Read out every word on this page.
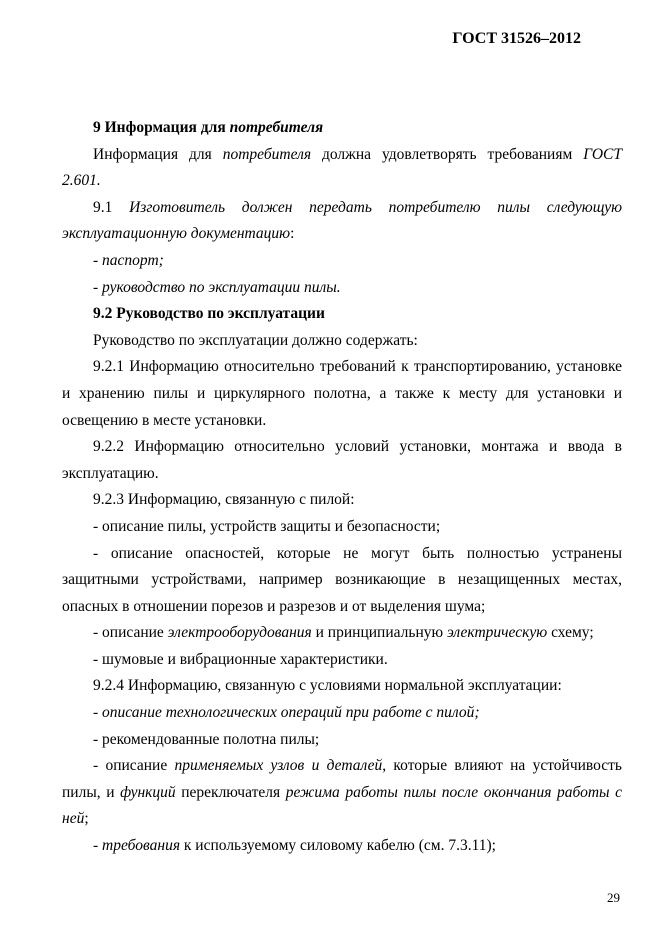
ГОСТ 31526–2012

9 Информация для потребителя

Информация для потребителя должна удовлетворять требованиям ГОСТ 2.601.

9.1 Изготовитель должен передать потребителю пилы следующую эксплуатационную документацию:

- паспорт;

- руководство по эксплуатации пилы.

9.2 Руководство по эксплуатации

Руководство по эксплуатации должно содержать:

9.2.1 Информацию относительно требований к транспортированию, установке и хранению пилы и циркулярного полотна, а также к месту для установки и освещению в месте установки.

9.2.2 Информацию относительно условий установки, монтажа и ввода в эксплуатацию.

9.2.3 Информацию, связанную с пилой:

- описание пилы, устройств защиты и безопасности;

- описание опасностей, которые не могут быть полностью устранены защитными устройствами, например возникающие в незащищенных местах, опасных в отношении порезов и разрезов и от выделения шума;

- описание электрооборудования и принципиальную электрическую схему;

- шумовые и вибрационные характеристики.

9.2.4 Информацию, связанную с условиями нормальной эксплуатации:

- описание технологических операций при работе с пилой;

- рекомендованные полотна пилы;

- описание применяемых узлов и деталей, которые влияют на устойчивость пилы, и функций переключателя режима работы пилы после окончания работы с ней;

- требования к используемому силовому кабелю (см. 7.3.11);

29
